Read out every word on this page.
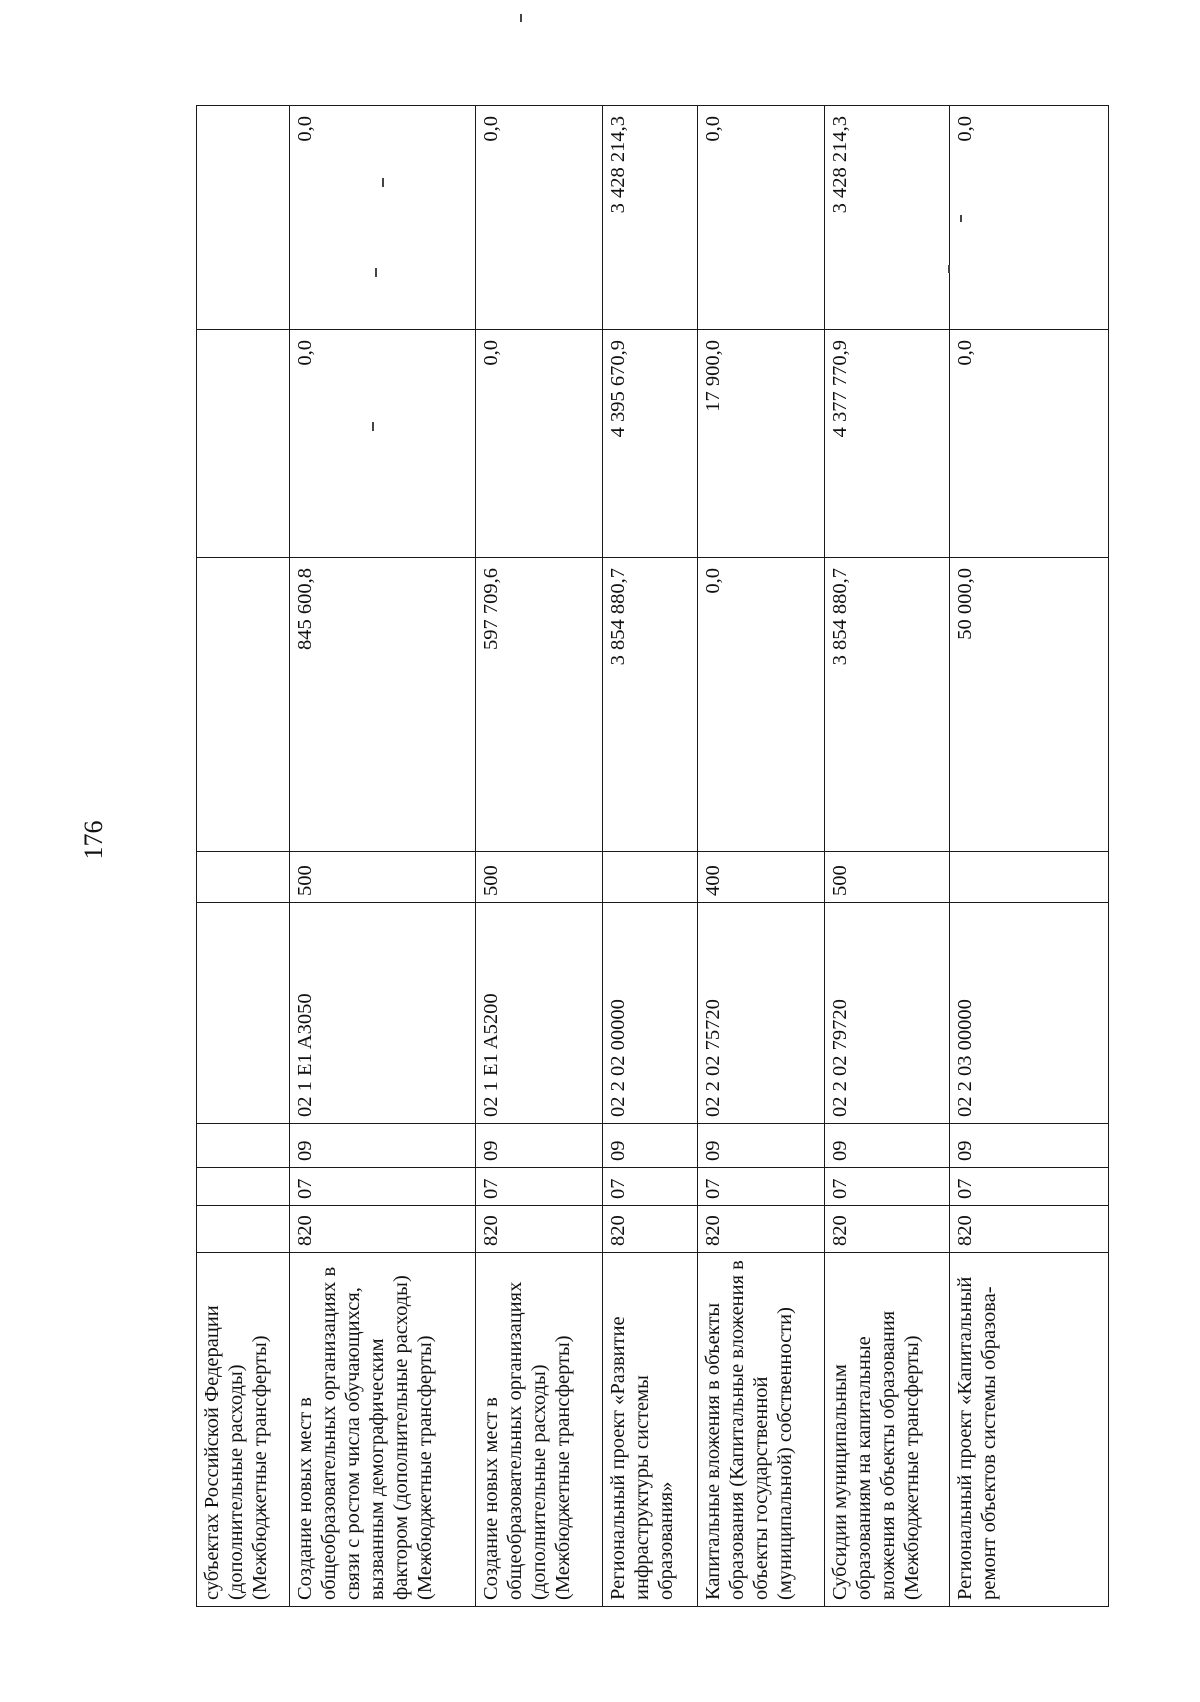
176
субъектах Российской Федерации (дополнительные расходы) (Межбюджетные трансферты)								
Создание новых мест в общеобразовательных организациях в связи с ростом числа обучающихся, вызванным демографическим фактором (дополнительные расходы) (Межбюджетные трансферты)	820	07	09	02 1 E1 A3050	500	845 600,8	0,0	0,0
Создание новых мест в общеобразовательных организациях (дополнительные расходы) (Межбюджетные трансферты)	820	07	09	02 1 E1 A5200	500	597 709,6	0,0	0,0
Региональный проект «Развитие инфраструктуры системы образования»	820	07	09	02 2 02 00000		3 854 880,7	4 395 670,9	3 428 214,3
Капитальные вложения в объекты образования (Капитальные вложения в объекты государственной (муниципальной) собственности)	820	07	09	02 2 02 75720	400	0,0	17 900,0	0,0
Субсидии муниципальным образованиям на капитальные вложения в объекты образования (Межбюджетные трансферты)	820	07	09	02 2 02 79720	500	3 854 880,7	4 377 770,9	3 428 214,3
Региональный проект «Капитальный ремонт объектов системы образова-	820	07	09	02 2 03 00000		50 000,0	0,0	0,0
